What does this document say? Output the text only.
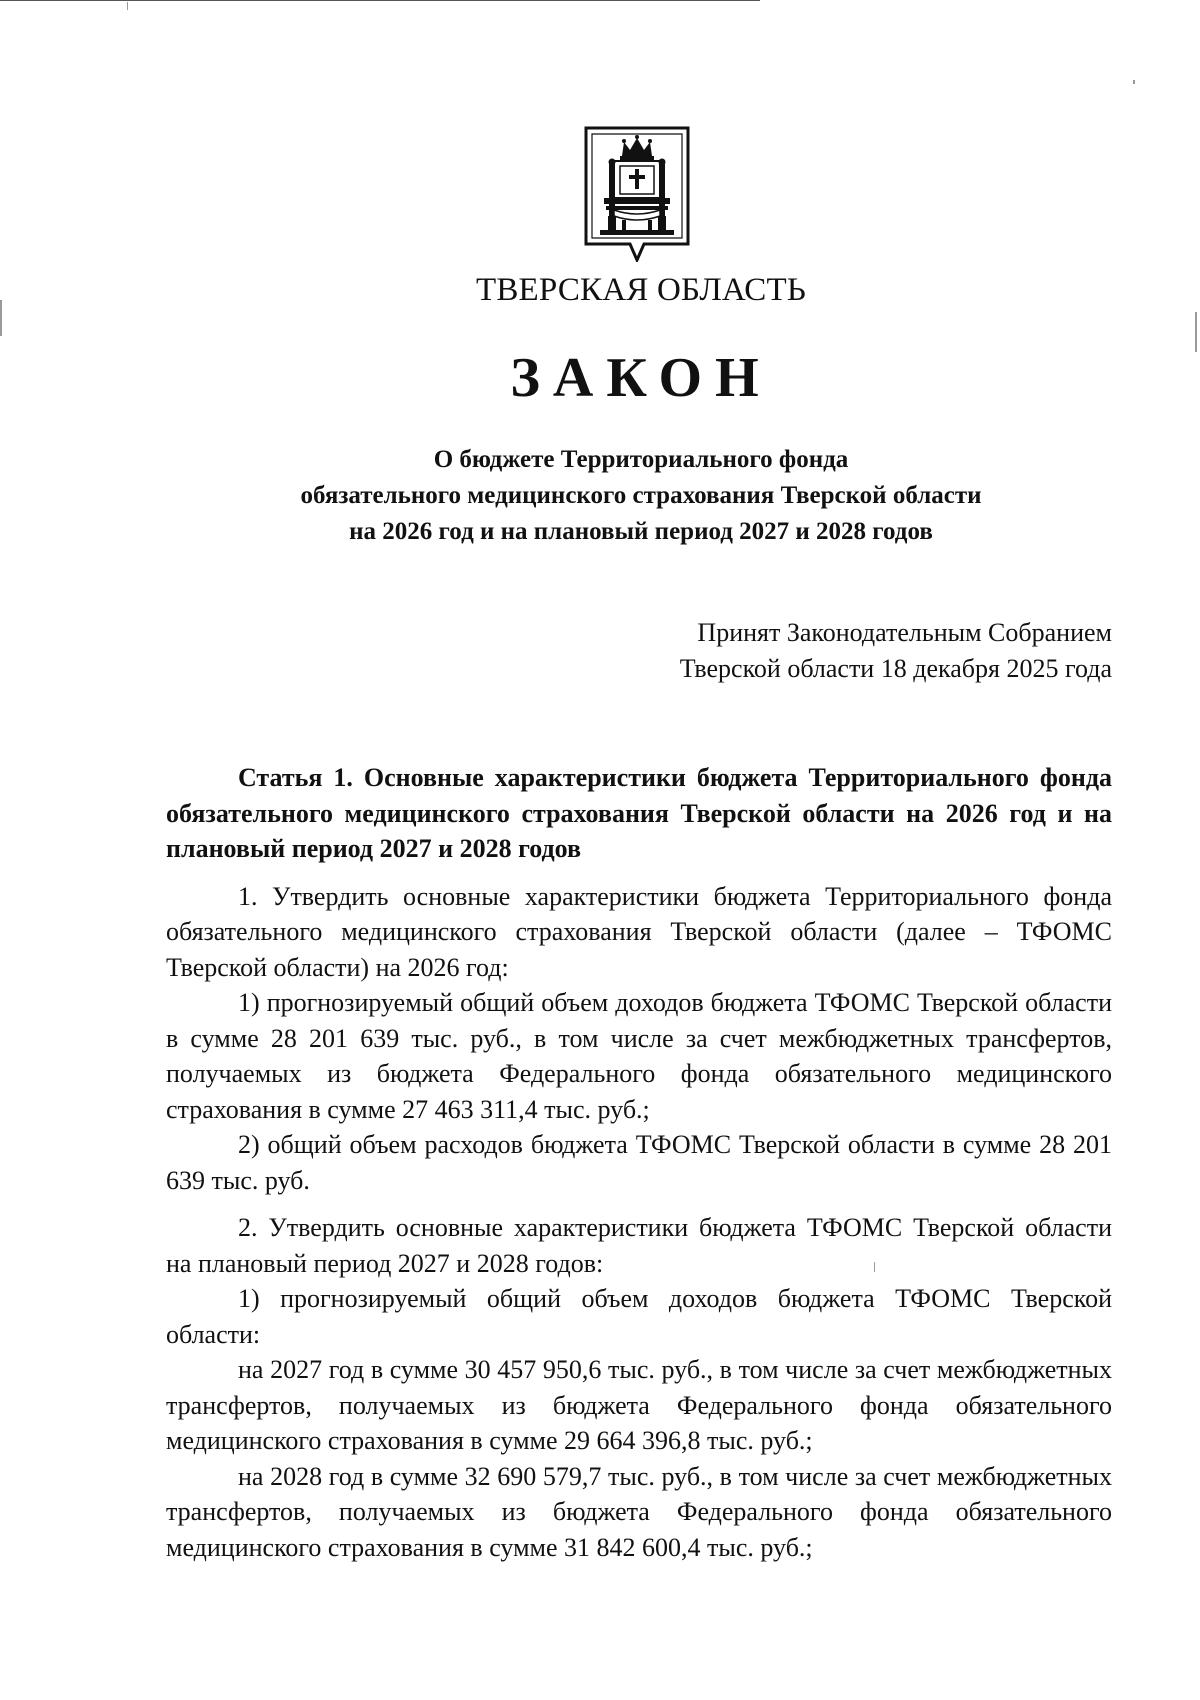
ТВЕРСКАЯ ОБЛАСТЬ
ЗАКОН
О бюджете Территориального фонда
обязательного медицинского страхования Тверской области
на 2026 год и на плановый период 2027 и 2028 годов
Принят Законодательным Собранием
Тверской области 18 декабря 2025 года

Статья 1. Основные характеристики бюджета Территориального фонда обязательного медицинского страхования Тверской области на 2026 год и на плановый период 2027 и 2028 годов

1. Утвердить основные характеристики бюджета Территориального фонда обязательного медицинского страхования Тверской области (далее – ТФОМС Тверской области) на 2026 год:

1) прогнозируемый общий объем доходов бюджета ТФОМС Тверской области в сумме 28 201 639 тыс. руб., в том числе за счет межбюджетных трансфертов, получаемых из бюджета Федерального фонда обязательного медицинского страхования в сумме 27 463 311,4 тыс. руб.;

2) общий объем расходов бюджета ТФОМС Тверской области в сумме 28 201 639 тыс. руб.

2. Утвердить основные характеристики бюджета ТФОМС Тверской области на плановый период 2027 и 2028 годов:

1) прогнозируемый общий объем доходов бюджета ТФОМС Тверской области:

на 2027 год в сумме 30 457 950,6 тыс. руб., в том числе за счет межбюджетных трансфертов, получаемых из бюджета Федерального фонда обязательного медицинского страхования в сумме 29 664 396,8 тыс. руб.;

на 2028 год в сумме 32 690 579,7 тыс. руб., в том числе за счет межбюджетных трансфертов, получаемых из бюджета Федерального фонда обязательного медицинского страхования в сумме 31 842 600,4 тыс. руб.;
